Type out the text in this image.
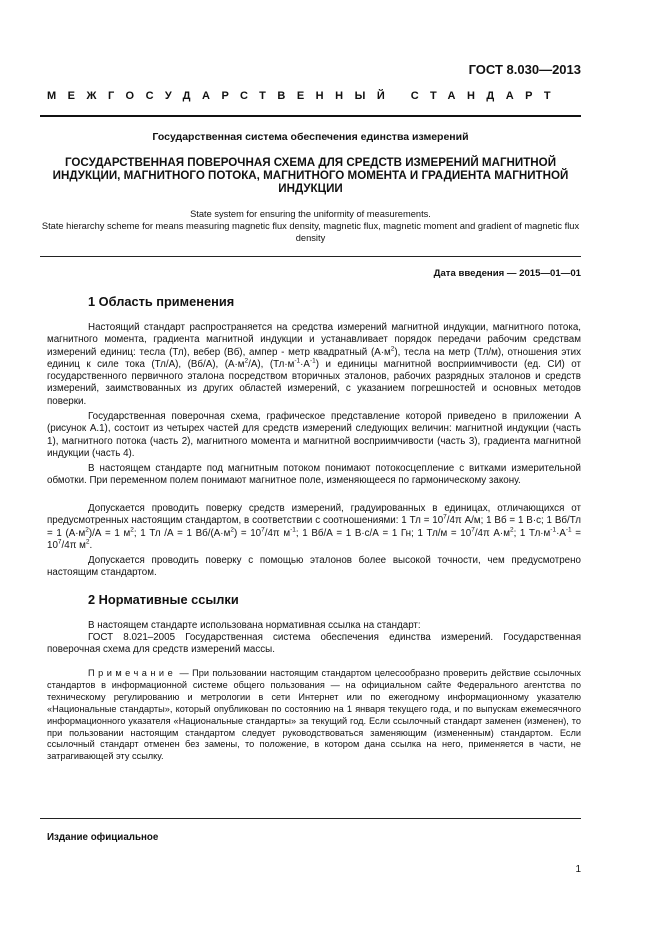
ГОСТ 8.030—2013
МЕЖГОСУДАРСТВЕННЫЙ СТАНДАРТ
Государственная система обеспечения единства измерений
ГОСУДАРСТВЕННАЯ ПОВЕРОЧНАЯ СХЕМА ДЛЯ СРЕДСТВ ИЗМЕРЕНИЙ МАГНИТНОЙ ИНДУКЦИИ, МАГНИТНОГО ПОТОКА, МАГНИТНОГО МОМЕНТА И ГРАДИЕНТА МАГНИТНОЙ ИНДУКЦИИ
State system for ensuring the uniformity of measurements.
State hierarchy scheme for means measuring magnetic flux density, magnetic flux, magnetic moment and gradient of magnetic flux density
Дата введения — 2015—01—01
1 Область применения

Настоящий стандарт распространяется на средства измерений магнитной индукции, магнитного потока, магнитного момента, градиента магнитной индукции и устанавливает порядок передачи рабочим средствам измерений единиц: тесла (Тл), вебер (Вб), ампер - метр квадратный $(А\cdot м^2)$, тесла на метр (Тл/м), отношения этих единиц к силе тока (Тл/А), (Вб/А), $(А\cdot м^2/А)$, $(Тл\cdot м^{-1}\cdot А^{-1})$ и единицы магнитной восприимчивости (ед. СИ) от государственного первичного эталона посредством вторичных эталонов, рабочих разрядных эталонов и средств измерений, заимствованных из других областей измерений, с указанием погрешностей и основных методов поверки.

Государственная поверочная схема, графическое представление которой приведено в приложении А (рисунок А.1), состоит из четырех частей для средств измерений следующих величин: магнитной индукции (часть 1), магнитного потока (часть 2), магнитного момента и магнитной восприимчивости (часть 3), градиента магнитной индукции (часть 4).

В настоящем стандарте под магнитным потоком понимают потокосцепление с витками измерительной обмотки. При переменном полем понимают магнитное поле, изменяющееся по гармоническому закону.

Допускается проводить поверку средств измерений, градуированных в единицах, отличающихся от предусмотренных настоящим стандартом, в соответствии с соотношениями: 1 Тл = $10^7/4\pi$ А/м; 1 Вб = 1 В·с; 1 Вб/Тл = 1 $(А\cdot м^2)/А = 1$ $м^2$; 1 Тл /А = 1 $Вб/(А\cdot м^2) = 10^7/4\pi$ $м^{-1}$; 1 Вб/А = 1 В·с/А = 1 Гн; 1 $Тл/м = 10^7/4\pi$ $А\cdot м^2$; 1 $Тл\cdot м^{-1}\cdot А^{-1} = 10^7/4\pi$ $м^2$.

Допускается проводить поверку с помощью эталонов более высокой точности, чем предусмотрено настоящим стандартом.

2 Нормативные ссылки

В настоящем стандарте использована нормативная ссылка на стандарт:

ГОСТ 8.021–2005 Государственная система обеспечения единства измерений. Государственная поверочная схема для средств измерений массы.

Примечание — При пользовании настоящим стандартом целесообразно проверить действие ссылочных стандартов в информационной системе общего пользования — на официальном сайте Федерального агентства по техническому регулированию и метрологии в сети Интернет или по ежегодному информационному указателю «Национальные стандарты», который опубликован по состоянию на 1 января текущего года, и по выпускам ежемесячного информационного указателя «Национальные стандарты» за текущий год. Если ссылочный стандарт заменен (изменен), то при пользовании настоящим стандартом следует руководствоваться заменяющим (измененным) стандартом. Если ссылочный стандарт отменен без замены, то положение, в котором дана ссылка на него, применяется в части, не затрагивающей эту ссылку.

Издание официальное
1
